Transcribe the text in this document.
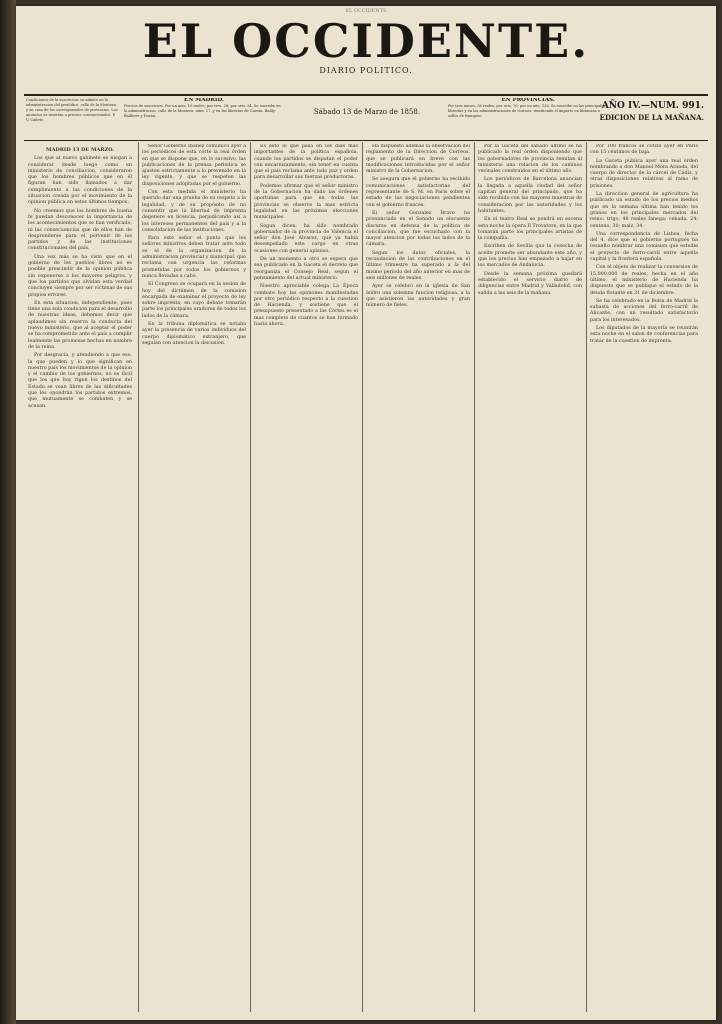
EL OCCIDENTE
EL OCCIDENTE.
DIARIO POLITICO.
Condiciones de la suscricion: se admite en la administracion del periódico, calle de la Montera, y en casa de los corresponsales de provincias. Los anuncios se insertan a precios convencionales. P. V. Cañete.
EN MADRID.
Precios de suscricion. Por un mes, 10 reales; por tres, 28; por seis, 54. Se suscribe en la administracion, calle de la Montera, núm. 17, y en las librerías de Cuesta, Bailly-Bailliere y Durán.	Sábado 13 de Marzo de 1858.
EN PROVINCIAS.
Por tres meses, 36 reales; por seis, 70; por un año, 136. Se suscribe en las principales librerías y en las administraciones de correos, remitiendo el importe en libranzas o sellos de franqueo.
AÑO IV.—NUM. 991.
EDICION DE LA MAÑANA.
MADRID 13 DE MARZO.

Los que al nuevo gabinete se niegan a considerar desde luego como un ministerio de conciliacion, consideraron que los hombres públicos que en él figuran han sido llamados a dar cumplimiento a las condiciones de la situacion creada por el movimiento de la opinion pública en estos últimos tiempos.

No creemos que los hombres de buena fe puedan desconocer la importancia de los acontecimientos que se han verificado, ni las consecuencias que de ellos han de desprenderse para el porvenir de los partidos y de las instituciones constitucionales del país.

Una vez más se ha visto que en el gobierno de los pueblos libres no es posible prescindir de la opinion pública sin exponerse a los mayores peligros, y que los partidos que olvidan esta verdad concluyen siempre por ser víctimas de sus propios errores.

En esta situacion, independiente, pues tiene una sola condicion para el desarrollo de nuestras ideas, debemos decir que aplaudimos sin reserva la conducta del nuevo ministerio, que al aceptar el poder se ha comprometido ante el país a cumplir lealmente las promesas hechas en nombre de la reina.

Por desgracia, y atendiendo a que eso, la que pueden y lo que significan en nuestro país los movimientos de la opinion y el cambio de los gobiernos, no es fácil que los que hoy rigen los destinos del Estado se vean libres de las dificultades que les opondrán los partidos extremos, que mutuamente se combaten y se acusan.

Señor Gobierno Ibañez comunicó ayer a los periódicos de esta córte la real órden en que se dispone que, en lo sucesivo, las publicaciones de la prensa periódica se ajusten estrictamente a lo prevenido en la ley vigente, y que se respeten las disposiciones adoptadas por el gobierno.

Con esta medida el ministerio ha querido dar una prueba de su respeto a la legalidad, y de su propósito de no consentir que la libertad de imprenta degenere en licencia, perjudicando así a los intereses permanentes del país y a la consolidacion de las instituciones.

Para este señor el punto que los señores ministros deben tratar ante todo es el de la organizacion de la administracion provincial y municipal, que reclama con urgencia las reformas prometidas por todos los gobiernos y nunca llevadas a cabo.

El Congreso se ocupará en la sesion de hoy del dictámen de la comision encargada de examinar el proyecto de ley sobre imprenta, en cuyo debate tomarán parte los principales oradores de todos los lados de la cámara.

En la tribuna diplomática se notaba ayer la presencia de varios individuos del cuerpo diplomático extranjero, que seguían con atencion la discusion.

Es esto lo que pasa en los dias mas importantes de la política española, cuando los partidos se disputan el poder con encarnizamiento, sin tener en cuenta que el país reclama ante todo paz y orden para desarrollar sus fuerzas productoras.

Podemos afirmar que el señor ministro de la Gobernacion ha dado las órdenes oportunas para que en todas las provincias se observe la mas estricta legalidad en las próximas elecciones municipales.

Segun dicen, ha sido nombrado gobernador de la provincia de Valencia el señor don José Alvarez, que ya habia desempeñado este cargo en otras ocasiones con general aplauso.

De un momento a otro se espera que sea publicado en la Gaceta el decreto que reorganiza el Consejo Real, segun el pensamiento del actual ministerio.

Nuestro apreciable colega La Época combate hoy las opiniones manifestadas por otro periódico respecto a la cuestion de Hacienda, y sostiene que el presupuesto presentado a las Córtes es el mas completo de cuantos se han formado hasta ahora.

Ha dispuesto ademas la observacion del reglamento de la Direccion de Correos, que se publicará en breve con las modificaciones introducidas por el señor ministro de la Gobernacion.

Se asegura que el gobierno ha recibido comunicaciones satisfactorias del representante de S. M. en Paris sobre el estado de las negociaciones pendientes con el gobierno francés.

El señor Gonzalez Bravo ha pronunciado en el Senado un elocuente discurso en defensa de la política de conciliacion, que fue escuchado con la mayor atencion por todos los lados de la cámara.

Segun los datos oficiales, la recaudacion de las contribuciones en el último trimestre ha superado a la del mismo periodo del año anterior en mas de seis millones de reales.

Ayer se celebró en la iglesia de San Isidro una solemne funcion religiosa, a la que asistieron las autoridades y gran número de fieles.

Por la Gaceta del sábado último se ha publicado la real órden disponiendo que los gobernadores de provincia remitan al ministerio una relacion de los caminos vecinales construidos en el último año.

Los periódicos de Barcelona anuncian la llegada a aquella ciudad del señor capitan general del principado, que ha sido recibido con las mayores muestras de consideracion por las autoridades y los habitantes.

En el teatro Real se pondrá en escena esta noche la ópera Il Trovatore, en la que tomarán parte los principales artistas de la compañía.

Escriben de Sevilla que la cosecha de aceite promete ser abundante este año, y que los precios han empezado a bajar en los mercados de Andalucía.

Desde la semana próxima quedará establecido el servicio diario de diligencias entre Madrid y Valladolid, con salida a las seis de la mañana.

Por 100 francos se cotizó ayer en Paris con 15 céntimos de baja.

La Gaceta publica ayer una real órden nombrando a don Manuel Mora Aranda, del cuerpo de director de la cárcel de Cádiz, y otras disposiciones relativas al ramo de prisiones.

La direccion general de agricultura ha publicado un estado de los precios medios que en la semana última han tenido los granos en los principales mercados del reino: trigo, 48 reales fanega; cebada, 24; centeno, 30; maíz, 34.

Una correspondencia de Lisboa, fecha del 4, dice que el gobierno portugués ha resuelto nombrar una comision que estudie el proyecto de ferro-carril entre aquella capital y la frontera española.

Con el objeto de realizar la conversion de 15,000,000 de reales, hecha en el año último, el ministerio de Hacienda ha dispuesto que se publique el estado de la deuda flotante en 31 de diciembre.

Se ha celebrado en la Bolsa de Madrid la subasta de acciones del ferro-carril de Alicante, con un resultado satisfactorio para los interesados.

Los diputados de la mayoría se reunirán esta noche en el salon de conferencias para tratar de la cuestion de imprenta.
